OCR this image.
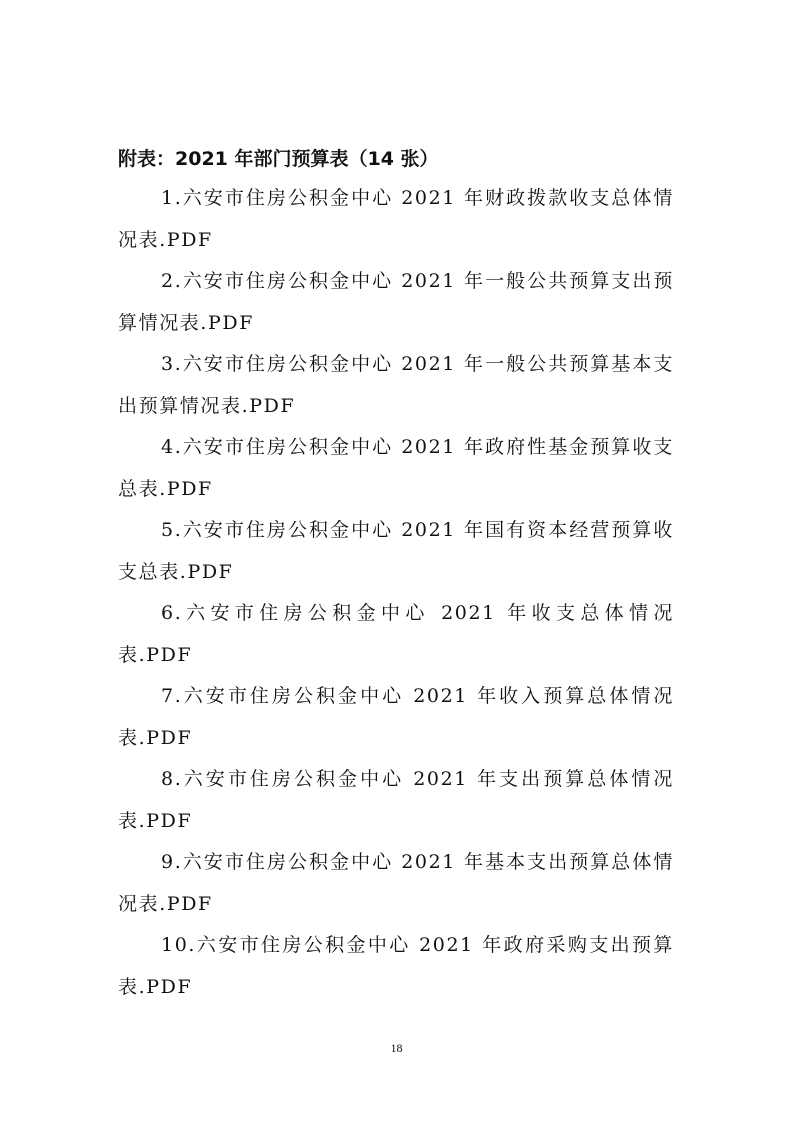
附表：2021 年部门预算表（14 张）
1.六安市住房公积金中心 2021 年财政拨款收支总体情况表.PDF
2.六安市住房公积金中心 2021 年一般公共预算支出预算情况表.PDF
3.六安市住房公积金中心 2021 年一般公共预算基本支出预算情况表.PDF
4.六安市住房公积金中心 2021 年政府性基金预算收支总表.PDF
5.六安市住房公积金中心 2021 年国有资本经营预算收支总表.PDF
6.六安市住房公积金中心 2021 年收支总体情况表.PDF
7.六安市住房公积金中心 2021 年收入预算总体情况表.PDF
8.六安市住房公积金中心 2021 年支出预算总体情况表.PDF
9.六安市住房公积金中心 2021 年基本支出预算总体情况表.PDF
10.六安市住房公积金中心 2021 年政府采购支出预算表.PDF
18
